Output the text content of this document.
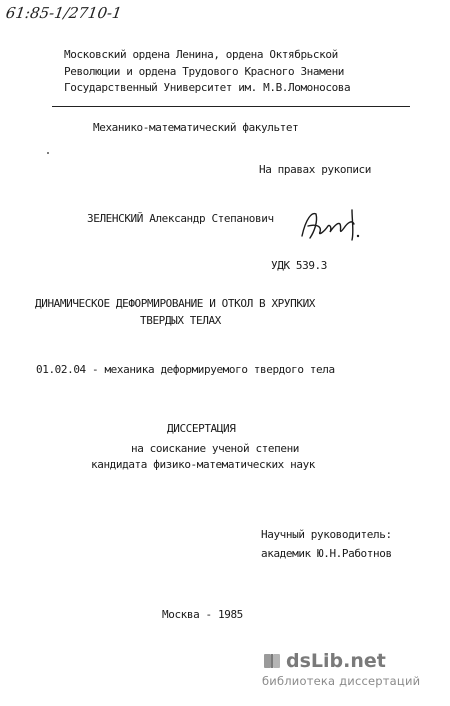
61:85-1/2710-1
Московский ордена Ленина, ордена Октябрьской
Революции и ордена Трудового Красного Знамени
Государственный Университет им. М.В.Ломоносова
Механико-математический факультет
На правах рукописи
ЗЕЛЕНСКИЙ Александр Степанович
УДК 539.3
ДИНАМИЧЕСКОЕ ДЕФОРМИРОВАНИЕ И ОТКОЛ В ХРУПКИХ
ТВЕРДЫХ ТЕЛАХ
01.02.04 - механика деформируемого твердого тела
ДИССЕРТАЦИЯ
на соискание ученой степени
кандидата физико-математических наук
Научный руководитель:
академик Ю.Н.Работнов
Москва - 1985
dsLib.net
библиотека диссертаций
